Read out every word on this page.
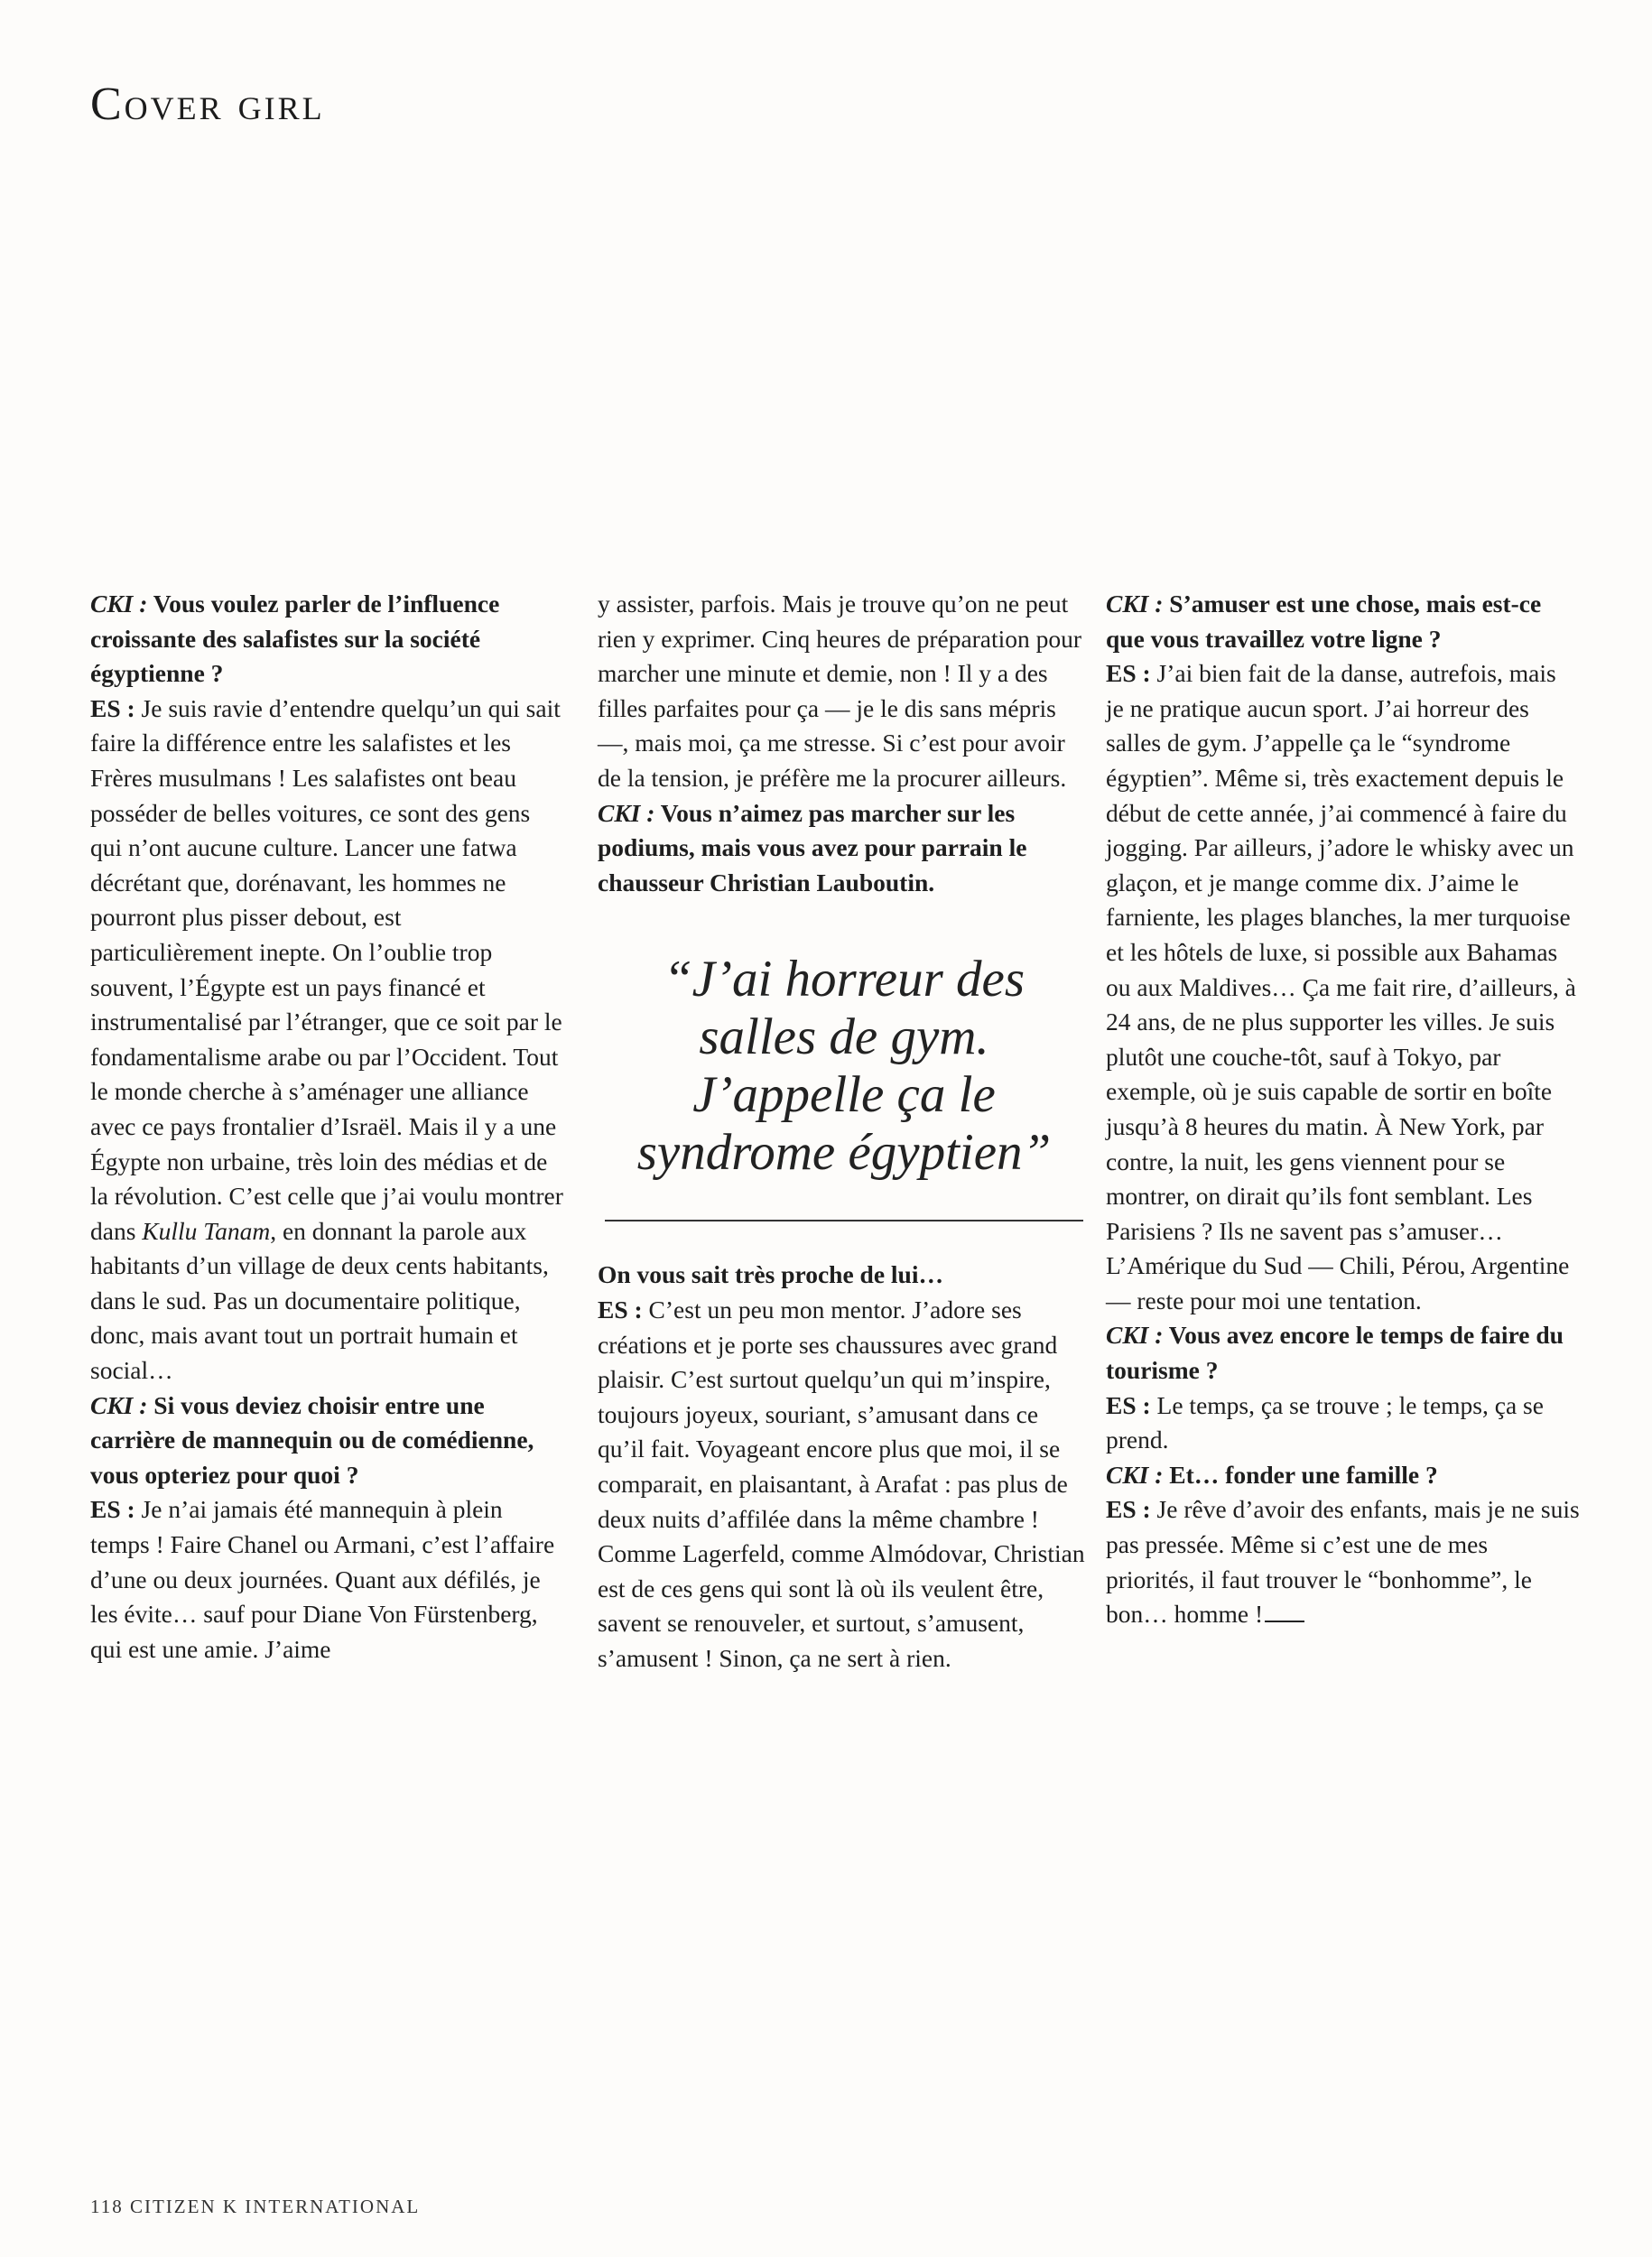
Cover girl

CKI : Vous voulez parler de l’influence croissante des salafistes sur la société égyptienne ?

ES : Je suis ravie d’entendre quelqu’un qui sait faire la différence entre les salafistes et les Frères musulmans ! Les salafistes ont beau posséder de belles voitures, ce sont des gens qui n’ont aucune culture. Lancer une fatwa décrétant que, dorénavant, les hommes ne pourront plus pisser debout, est particulièrement inepte. On l’oublie trop souvent, l’Égypte est un pays financé et instrumentalisé par l’étranger, que ce soit par le fondamentalisme arabe ou par l’Occident. Tout le monde cherche à s’aménager une alliance avec ce pays frontalier d’Israël. Mais il y a une Égypte non urbaine, très loin des médias et de la révolution. C’est celle que j’ai voulu montrer dans Kullu Tanam, en donnant la parole aux habitants d’un village de deux cents habitants, dans le sud. Pas un documentaire politique, donc, mais avant tout un portrait humain et social…

CKI : Si vous deviez choisir entre une carrière de mannequin ou de comédienne, vous opteriez pour quoi ?

ES : Je n’ai jamais été mannequin à plein temps ! Faire Chanel ou Armani, c’est l’affaire d’une ou deux journées. Quant aux défilés, je les évite… sauf pour Diane Von Fürstenberg, qui est une amie. J’aime

y assister, parfois. Mais je trouve qu’on ne peut rien y exprimer. Cinq heures de préparation pour marcher une minute et demie, non ! Il y a des filles parfaites pour ça — je le dis sans mépris —, mais moi, ça me stresse. Si c’est pour avoir de la tension, je préfère me la procurer ailleurs.

CKI : Vous n’aimez pas marcher sur les podiums, mais vous avez pour parrain le chausseur Christian Lauboutin.

“J’ai horreur des salles de gym. J’appelle ça le syndrome égyptien”

On vous sait très proche de lui…

ES : C’est un peu mon mentor. J’adore ses créations et je porte ses chaussures avec grand plaisir. C’est surtout quelqu’un qui m’inspire, toujours joyeux, souriant, s’amusant dans ce qu’il fait. Voyageant encore plus que moi, il se comparait, en plaisantant, à Arafat : pas plus de deux nuits d’affilée dans la même chambre ! Comme Lagerfeld, comme Almódovar, Christian est de ces gens qui sont là où ils veulent être, savent se renouveler, et surtout, s’amusent, s’amusent ! Sinon, ça ne sert à rien.

CKI : S’amuser est une chose, mais est-ce que vous travaillez votre ligne ?

ES : J’ai bien fait de la danse, autrefois, mais je ne pratique aucun sport. J’ai horreur des salles de gym. J’appelle ça le “syndrome égyptien”. Même si, très exactement depuis le début de cette année, j’ai commencé à faire du jogging. Par ailleurs, j’adore le whisky avec un glaçon, et je mange comme dix. J’aime le farniente, les plages blanches, la mer turquoise et les hôtels de luxe, si possible aux Bahamas ou aux Maldives… Ça me fait rire, d’ailleurs, à 24 ans, de ne plus supporter les villes. Je suis plutôt une couche-tôt, sauf à Tokyo, par exemple, où je suis capable de sortir en boîte jusqu’à 8 heures du matin. À New York, par contre, la nuit, les gens viennent pour se montrer, on dirait qu’ils font semblant. Les Parisiens ? Ils ne savent pas s’amuser… L’Amérique du Sud — Chili, Pérou, Argentine — reste pour moi une tentation.

CKI : Vous avez encore le temps de faire du tourisme ?

ES : Le temps, ça se trouve ; le temps, ça se prend.

CKI : Et… fonder une famille ?

ES : Je rêve d’avoir des enfants, mais je ne suis pas pressée. Même si c’est une de mes priorités, il faut trouver le “bonhomme”, le bon… homme !

118 CITIZEN K INTERNATIONAL
